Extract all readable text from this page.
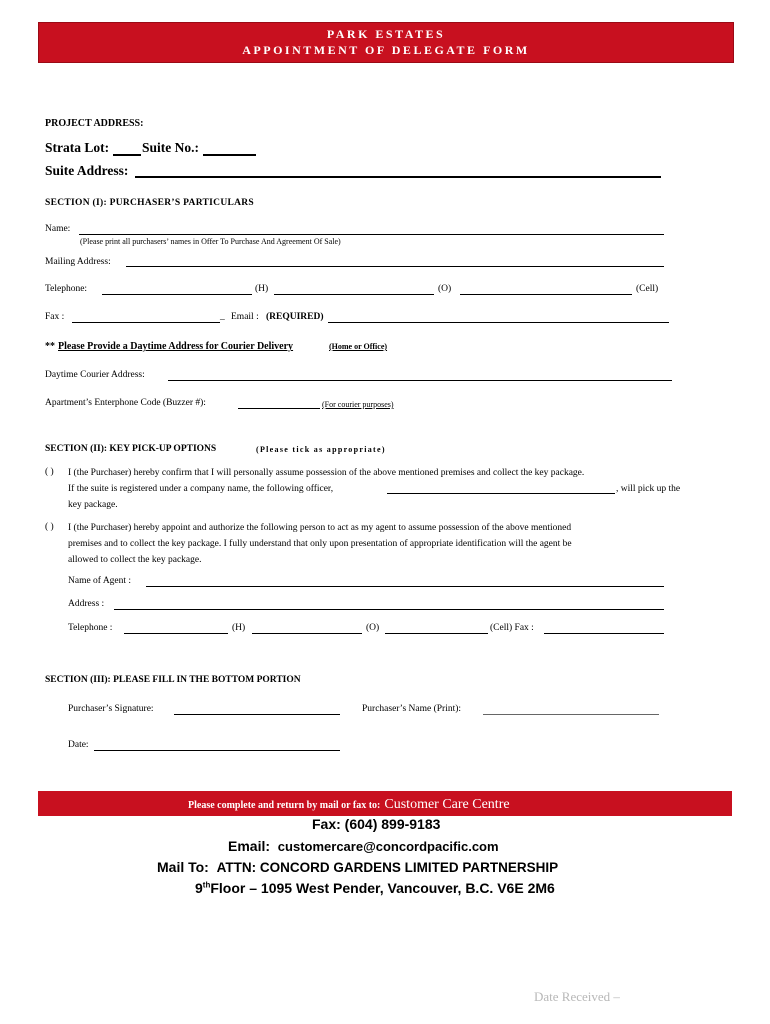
PARK ESTATES
APPOINTMENT OF DELEGATE FORM
PROJECT ADDRESS:
Strata Lot: Suite No.:
Suite Address:
SECTION (I): PURCHASER’S PARTICULARS
Name:
(Please print all purchasers’ names in Offer To Purchase And Agreement Of Sale)
Mailing Address:
Telephone:	(H)	(O)	(Cell)
Fax :	_ Email : (REQUIRED)
** Please Provide a Daytime Address for Courier Delivery	(Home or Office)
Daytime Courier Address:
Apartment’s Enterphone Code (Buzzer #):	(For courier purposes)
SECTION (II): KEY PICK-UP OPTIONS	(Please tick as appropriate)
( ) I (the Purchaser) hereby confirm that I will personally assume possession of the above mentioned premises and collect the key package.
If the suite is registered under a company name, the following officer,	, will pick up the
key package.
( ) I (the Purchaser) hereby appoint and authorize the following person to act as my agent to assume possession of the above mentioned
premises and to collect the key package. I fully understand that only upon presentation of appropriate identification will the agent be
allowed to collect the key package.
Name of Agent :
Address :
Telephone :	(H)	(O)	(Cell) Fax :
SECTION (III): PLEASE FILL IN THE BOTTOM PORTION
Purchaser’s Signature:	Purchaser’s Name (Print):
Date:
Please complete and return by mail or fax to: Customer Care Centre
Fax: (604) 899-9183
Email: customercare@concordpacific.com
Mail To: ATTN: CONCORD GARDENS LIMITED PARTNERSHIP
9thFloor – 1095 West Pender, Vancouver, B.C. V6E 2M6
Date Received –
